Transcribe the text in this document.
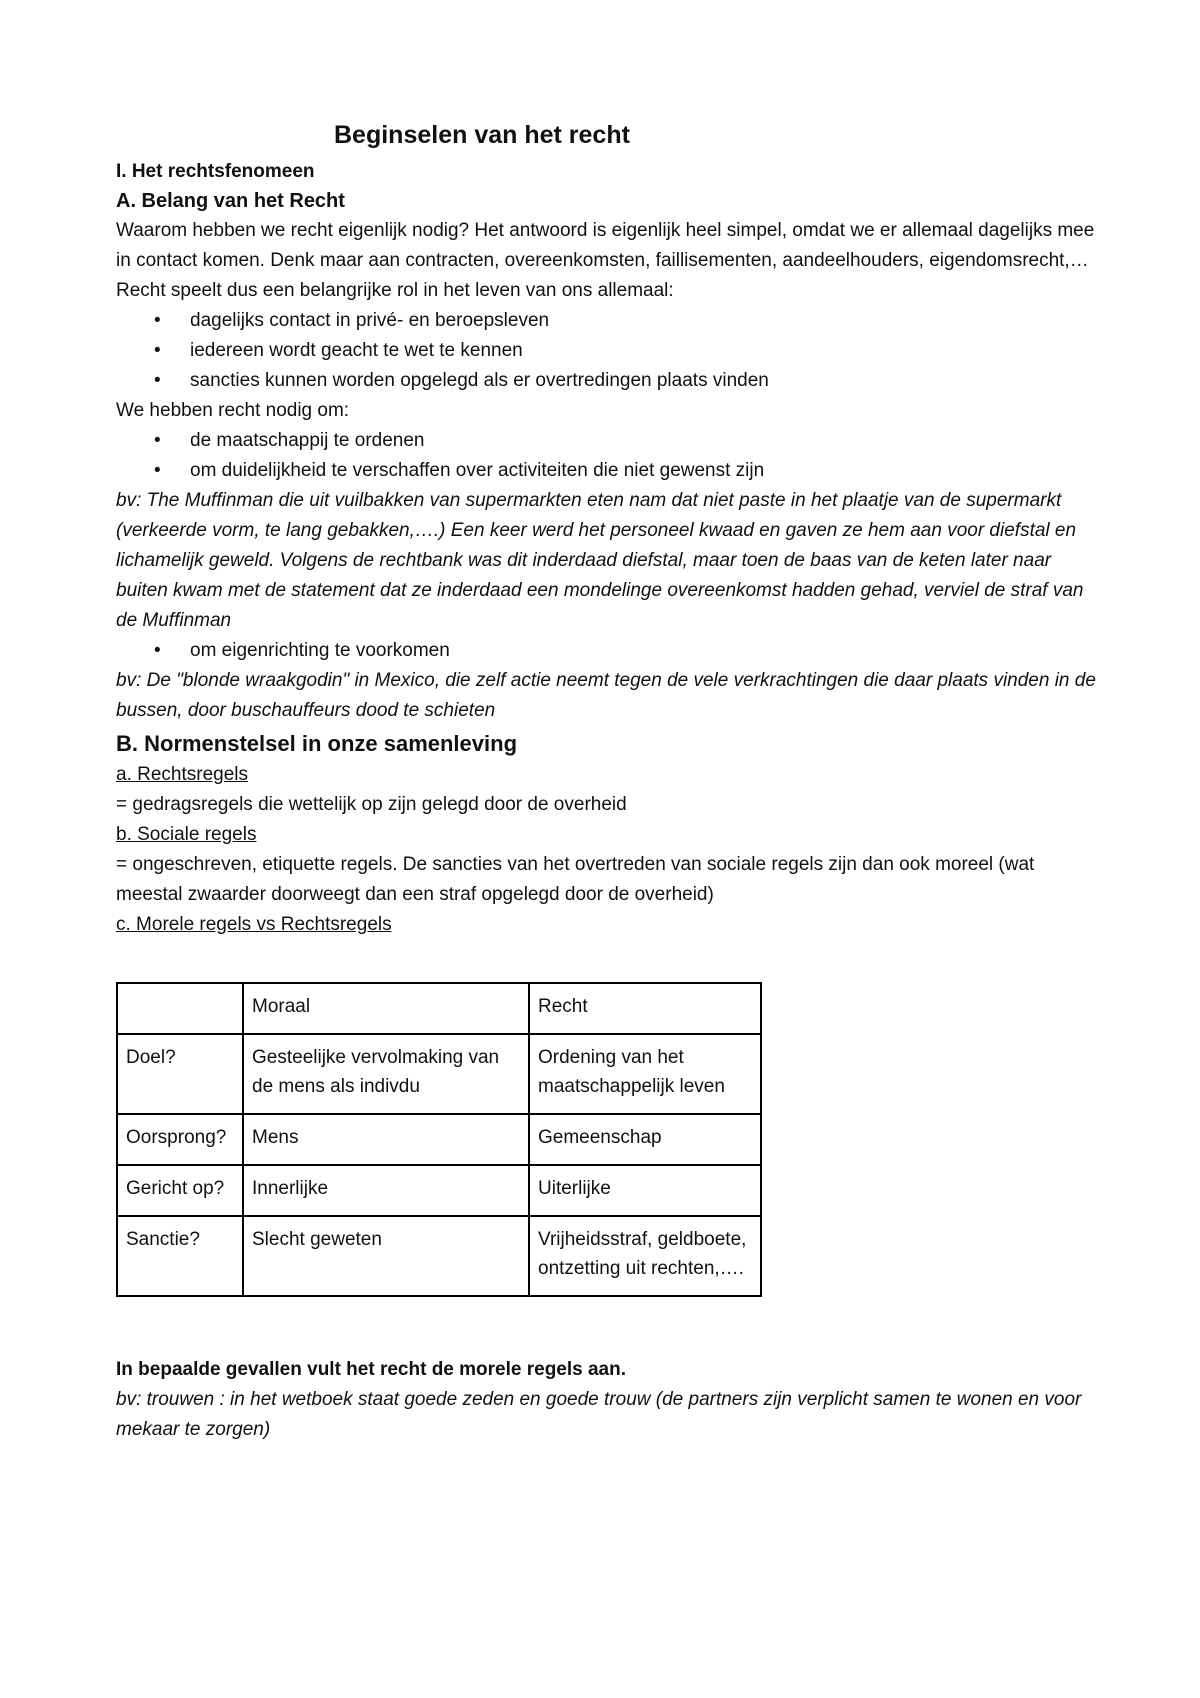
Beginselen van het recht
I. Het rechtsfenomeen
A. Belang van het Recht

Waarom hebben we recht eigenlijk nodig? Het antwoord is eigenlijk heel simpel, omdat we er allemaal dagelijks mee in contact komen. Denk maar aan contracten, overeenkomsten, faillisementen, aandeelhouders, eigendomsrecht,… Recht speelt dus een belangrijke rol in het leven van ons allemaal:

• dagelijks contact in privé- en beroepsleven
• iedereen wordt geacht te wet te kennen
• sancties kunnen worden opgelegd als er overtredingen plaats vinden

We hebben recht nodig om:

• de maatschappij te ordenen
• om duidelijkheid te verschaffen over activiteiten die niet gewenst zijn

bv: The Muffinman die uit vuilbakken van supermarkten eten nam dat niet paste in het plaatje van de supermarkt (verkeerde vorm, te lang gebakken,….) Een keer werd het personeel kwaad en gaven ze hem aan voor diefstal en lichamelijk geweld. Volgens de rechtbank was dit inderdaad diefstal, maar toen de baas van de keten later naar buiten kwam met de statement dat ze inderdaad een mondelinge overeenkomst hadden gehad, verviel de straf van de Muffinman

• om eigenrichting te voorkomen

bv: De "blonde wraakgodin" in Mexico, die zelf actie neemt tegen de vele verkrachtingen die daar plaats vinden in de bussen, door buschauffeurs dood te schieten

B. Normenstelsel in onze samenleving

a. Rechtsregels

= gedragsregels die wettelijk op zijn gelegd door de overheid

b. Sociale regels

= ongeschreven, etiquette regels. De sancties van het overtreden van sociale regels zijn dan ook moreel (wat meestal zwaarder doorweegt dan een straf opgelegd door de overheid)

c. Morele regels vs Rechtsregels

	Moraal	Recht
Doel?	Gesteelijke vervolmaking van de mens als indivdu	Ordening van het maatschappelijk leven
Oorsprong?	Mens	Gemeenschap
Gericht op?	Innerlijke	Uiterlijke
Sanctie?	Slecht geweten	Vrijheidsstraf, geldboete, ontzetting uit rechten,….

In bepaalde gevallen vult het recht de morele regels aan.

bv: trouwen : in het wetboek staat goede zeden en goede trouw (de partners zijn verplicht samen te wonen en voor mekaar te zorgen)
